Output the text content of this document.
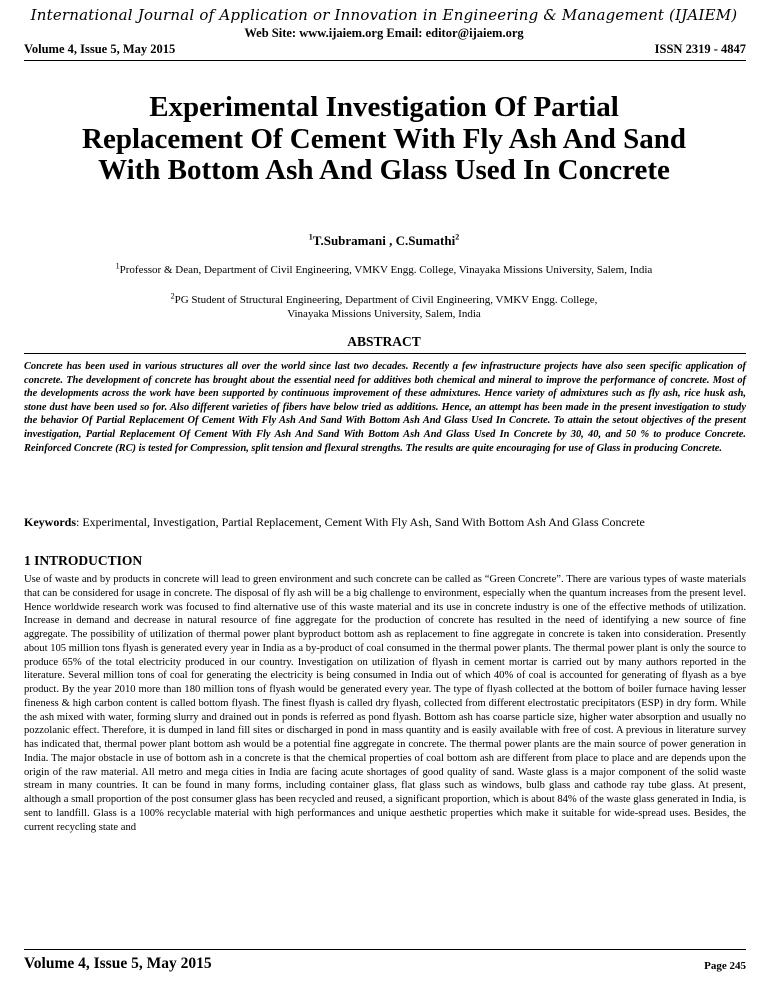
International Journal of Application or Innovation in Engineering & Management (IJAIEM)
Web Site: www.ijaiem.org Email: editor@ijaiem.org
Volume 4, Issue 5, May 2015	ISSN 2319 - 4847
Experimental Investigation Of Partial Replacement Of Cement With Fly Ash And Sand With Bottom Ash And Glass Used In Concrete
$^1$T.Subramani , C.Sumathi$^2$
$^1$Professor & Dean, Department of Civil Engineering, VMKV Engg. College, Vinayaka Missions University, Salem, India
$^2$PG Student of Structural Engineering, Department of Civil Engineering, VMKV Engg. College, Vinayaka Missions University, Salem, India
ABSTRACT
Concrete has been used in various structures all over the world since last two decades. Recently a few infrastructure projects have also seen specific application of concrete. The development of concrete has brought about the essential need for additives both chemical and mineral to improve the performance of concrete. Most of the developments across the work have been supported by continuous improvement of these admixtures. Hence variety of admixtures such as fly ash, rice husk ash, stone dust have been used so for. Also different varieties of fibers have below tried as additions. Hence, an attempt has been made in the present investigation to study the behavior Of Partial Replacement Of Cement With Fly Ash And Sand With Bottom Ash And Glass Used In Concrete. To attain the setout objectives of the present investigation, Partial Replacement Of Cement With Fly Ash And Sand With Bottom Ash And Glass Used In Concrete by 30, 40, and 50 % to produce Concrete. Reinforced Concrete (RC) is tested for Compression, split tension and flexural strengths. The results are quite encouraging for use of Glass in producing Concrete.
Keywords: Experimental, Investigation, Partial Replacement, Cement With Fly Ash, Sand With Bottom Ash And Glass Concrete
1 INTRODUCTION
Use of waste and by products in concrete will lead to green environment and such concrete can be called as “Green Concrete”. There are various types of waste materials that can be considered for usage in concrete. The disposal of fly ash will be a big challenge to environment, especially when the quantum increases from the present level. Hence worldwide research work was focused to find alternative use of this waste material and its use in concrete industry is one of the effective methods of utilization. Increase in demand and decrease in natural resource of fine aggregate for the production of concrete has resulted in the need of identifying a new source of fine aggregate. The possibility of utilization of thermal power plant byproduct bottom ash as replacement to fine aggregate in concrete is taken into consideration. Presently about 105 million tons flyash is generated every year in India as a by-product of coal consumed in the thermal power plants. The thermal power plant is only the source to produce 65% of the total electricity produced in our country. Investigation on utilization of flyash in cement mortar is carried out by many authors reported in the literature. Several million tons of coal for generating the electricity is being consumed in India out of which 40% of coal is accounted for generating of flyash as a bye product. By the year 2010 more than 180 million tons of flyash would be generated every year. The type of flyash collected at the bottom of boiler furnace having lesser fineness & high carbon content is called bottom flyash. The finest flyash is called dry flyash, collected from different electrostatic precipitators (ESP) in dry form. While the ash mixed with water, forming slurry and drained out in ponds is referred as pond flyash. Bottom ash has coarse particle size, higher water absorption and usually no pozzolanic effect. Therefore, it is dumped in land fill sites or discharged in pond in mass quantity and is easily available with free of cost. A previous in literature survey has indicated that, thermal power plant bottom ash would be a potential fine aggregate in concrete. The thermal power plants are the main source of power generation in India. The major obstacle in use of bottom ash in a concrete is that the chemical properties of coal bottom ash are different from place to place and are depends upon the origin of the raw material. All metro and mega cities in India are facing acute shortages of good quality of sand. Waste glass is a major component of the solid waste stream in many countries. It can be found in many forms, including container glass, flat glass such as windows, bulb glass and cathode ray tube glass. At present, although a small proportion of the post consumer glass has been recycled and reused, a significant proportion, which is about 84% of the waste glass generated in India, is sent to landfill. Glass is a 100% recyclable material with high performances and unique aesthetic properties which make it suitable for wide-spread uses. Besides, the current recycling state and
Volume 4, Issue 5, May 2015	Page 245
